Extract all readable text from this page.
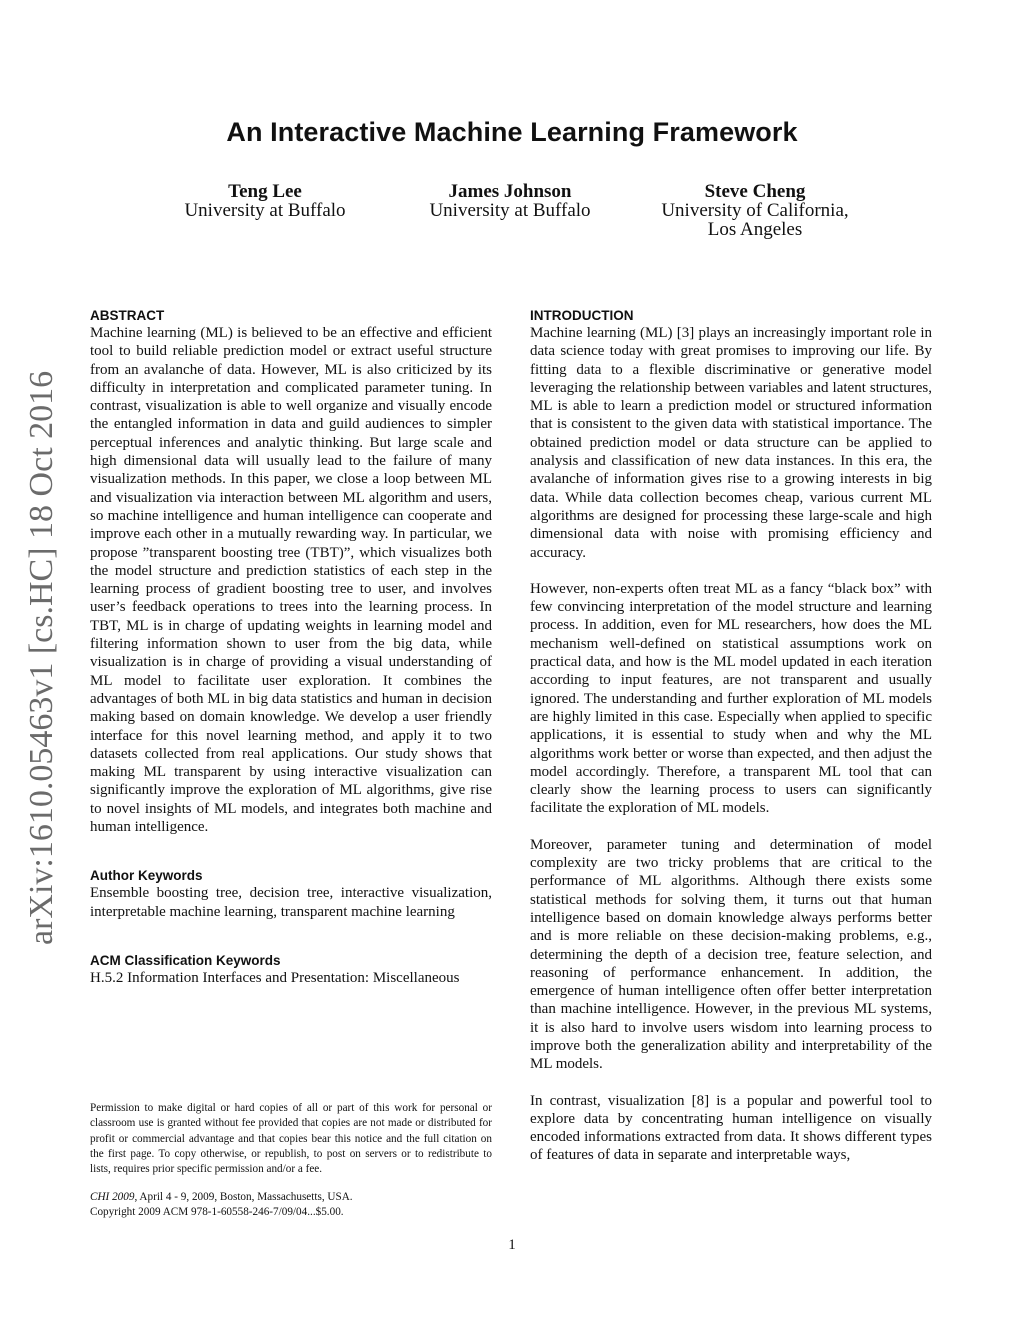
An Interactive Machine Learning Framework
Teng Lee
University at Buffalo
James Johnson
University at Buffalo
Steve Cheng
University of California,
Los Angeles
arXiv:1610.05463v1 [cs.HC] 18 Oct 2016
ABSTRACT

Machine learning (ML) is believed to be an effective and efficient tool to build reliable prediction model or extract useful structure from an avalanche of data. However, ML is also criticized by its difficulty in interpretation and complicated parameter tuning. In contrast, visualization is able to well organize and visually encode the entangled information in data and guild audiences to simpler perceptual inferences and analytic thinking. But large scale and high dimensional data will usually lead to the failure of many visualization methods. In this paper, we close a loop between ML and visualization via interaction between ML algorithm and users, so machine intelligence and human intelligence can cooperate and improve each other in a mutually rewarding way. In particular, we propose ”transparent boosting tree (TBT)”, which visualizes both the model structure and prediction statistics of each step in the learning process of gradient boosting tree to user, and involves user’s feedback operations to trees into the learning process. In TBT, ML is in charge of updating weights in learning model and filtering information shown to user from the big data, while visualization is in charge of providing a visual understanding of ML model to facilitate user exploration. It combines the advantages of both ML in big data statistics and human in decision making based on domain knowledge. We develop a user friendly interface for this novel learning method, and apply it to two datasets collected from real applications. Our study shows that making ML transparent by using interactive visualization can significantly improve the exploration of ML algorithms, give rise to novel insights of ML models, and integrates both machine and human intelligence.

Author Keywords

Ensemble boosting tree, decision tree, interactive visualization, interpretable machine learning, transparent machine learning

ACM Classification Keywords

H.5.2 Information Interfaces and Presentation: Miscellaneous

Permission to make digital or hard copies of all or part of this work for personal or classroom use is granted without fee provided that copies are not made or distributed for profit or commercial advantage and that copies bear this notice and the full citation on the first page. To copy otherwise, or republish, to post on servers or to redistribute to lists, requires prior specific permission and/or a fee.

CHI 2009, April 4 - 9, 2009, Boston, Massachusetts, USA.
Copyright 2009 ACM 978-1-60558-246-7/09/04...$5.00.
INTRODUCTION

Machine learning (ML) [3] plays an increasingly important role in data science today with great promises to improving our life. By fitting data to a flexible discriminative or generative model leveraging the relationship between variables and latent structures, ML is able to learn a prediction model or structured information that is consistent to the given data with statistical importance. The obtained prediction model or data structure can be applied to analysis and classification of new data instances. In this era, the avalanche of information gives rise to a growing interests in big data. While data collection becomes cheap, various current ML algorithms are designed for processing these large-scale and high dimensional data with noise with promising efficiency and accuracy.

However, non-experts often treat ML as a fancy “black box” with few convincing interpretation of the model structure and learning process. In addition, even for ML researchers, how does the ML mechanism well-defined on statistical assumptions work on practical data, and how is the ML model updated in each iteration according to input features, are not transparent and usually ignored. The understanding and further exploration of ML models are highly limited in this case. Especially when applied to specific applications, it is essential to study when and why the ML algorithms work better or worse than expected, and then adjust the model accordingly. Therefore, a transparent ML tool that can clearly show the learning process to users can significantly facilitate the exploration of ML models.

Moreover, parameter tuning and determination of model complexity are two tricky problems that are critical to the performance of ML algorithms. Although there exists some statistical methods for solving them, it turns out that human intelligence based on domain knowledge always performs better and is more reliable on these decision-making problems, e.g., determining the depth of a decision tree, feature selection, and reasoning of performance enhancement. In addition, the emergence of human intelligence often offer better interpretation than machine intelligence. However, in the previous ML systems, it is also hard to involve users wisdom into learning process to improve both the generalization ability and interpretability of the ML models.

In contrast, visualization [8] is a popular and powerful tool to explore data by concentrating human intelligence on visually encoded informations extracted from data. It shows different types of features of data in separate and interpretable ways,

1
